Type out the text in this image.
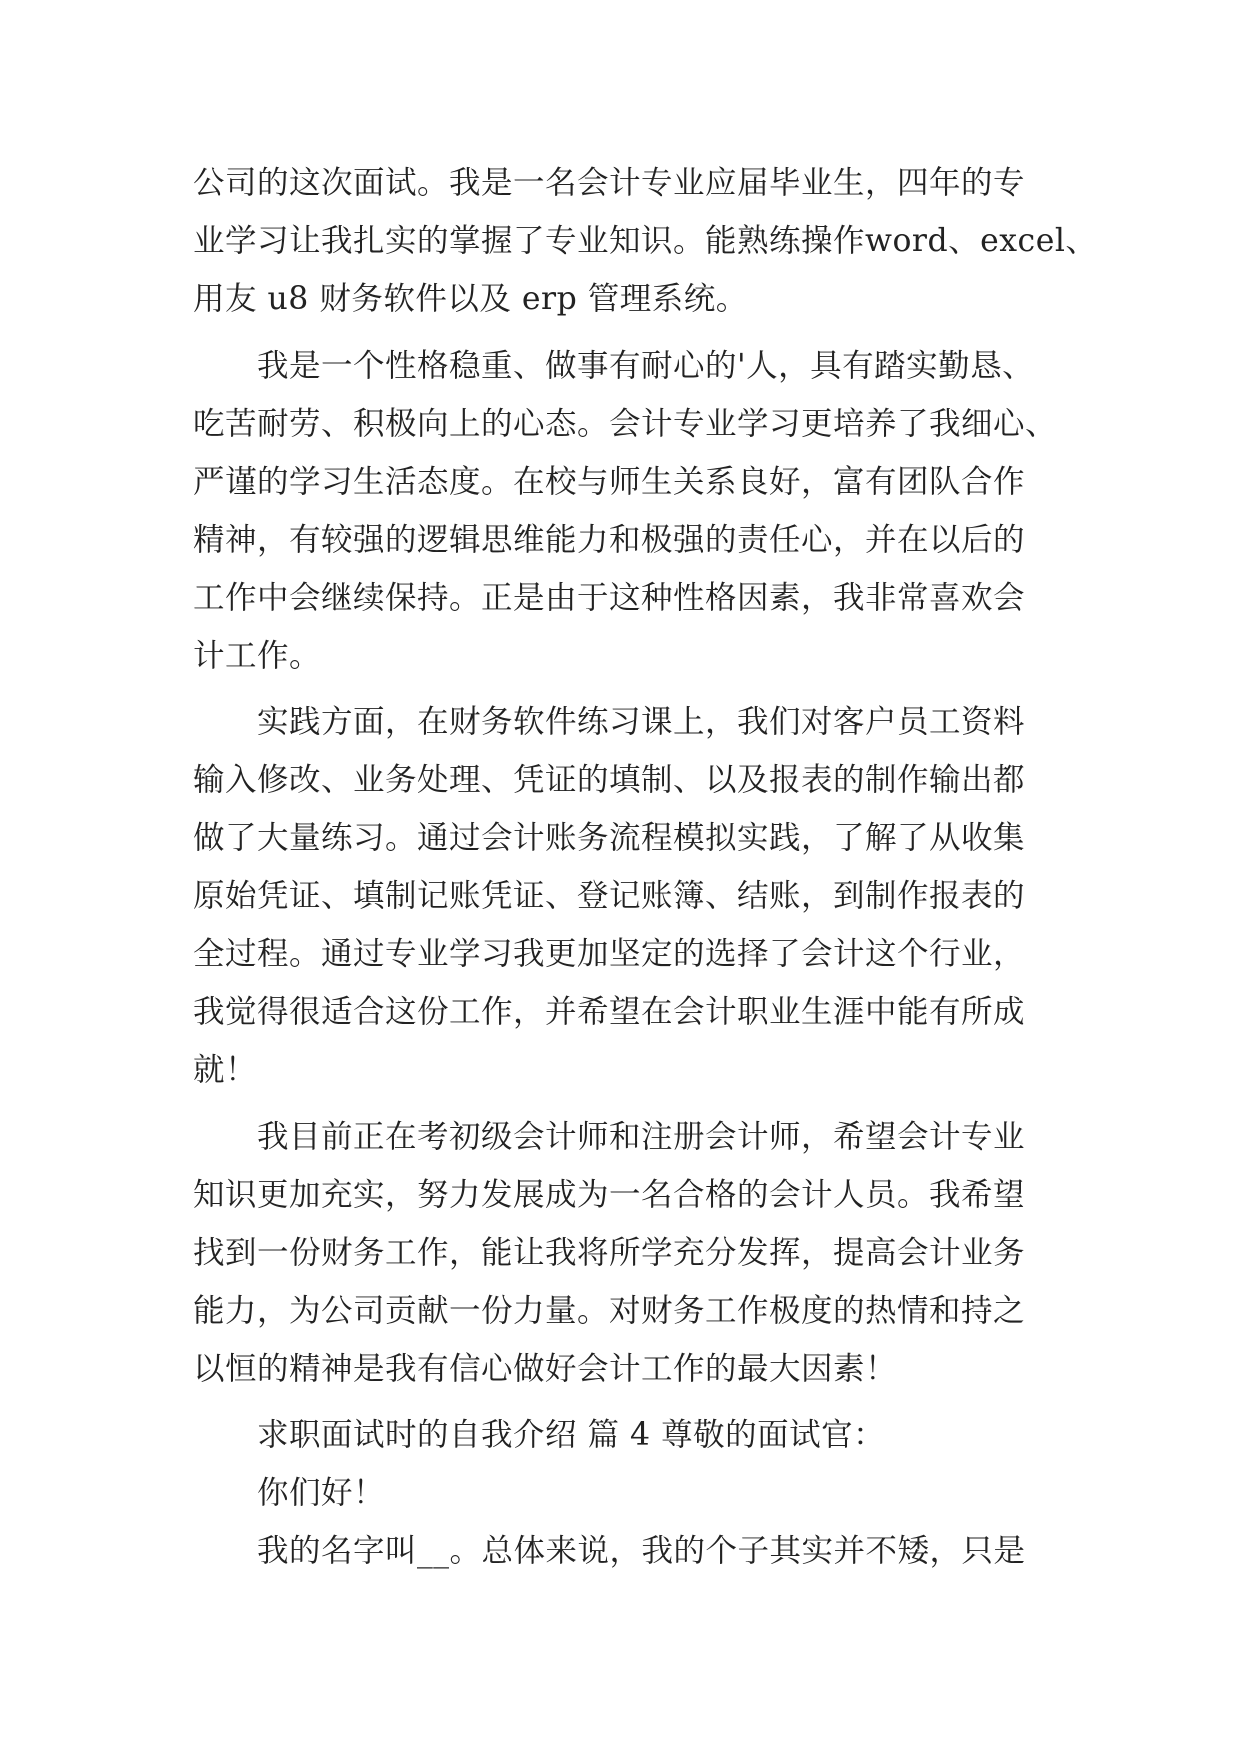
公司的这次面试。我是一名会计专业应届毕业生，四年的专
业学习让我扎实的掌握了专业知识。能熟练操作word、excel、
用友 u8 财务软件以及 erp 管理系统。
我是一个性格稳重、做事有耐心的'人，具有踏实勤恳、
吃苦耐劳、积极向上的心态。会计专业学习更培养了我细心、
严谨的学习生活态度。在校与师生关系良好，富有团队合作
精神，有较强的逻辑思维能力和极强的责任心，并在以后的
工作中会继续保持。正是由于这种性格因素，我非常喜欢会
计工作。
实践方面，在财务软件练习课上，我们对客户员工资料
输入修改、业务处理、凭证的填制、以及报表的制作输出都
做了大量练习。通过会计账务流程模拟实践，了解了从收集
原始凭证、填制记账凭证、登记账簿、结账，到制作报表的
全过程。通过专业学习我更加坚定的选择了会计这个行业，
我觉得很适合这份工作，并希望在会计职业生涯中能有所成
就！
我目前正在考初级会计师和注册会计师，希望会计专业
知识更加充实，努力发展成为一名合格的会计人员。我希望
找到一份财务工作，能让我将所学充分发挥，提高会计业务
能力，为公司贡献一份力量。对财务工作极度的热情和持之
以恒的精神是我有信心做好会计工作的最大因素！
求职面试时的自我介绍 篇 4 尊敬的面试官：
你们好！
我的名字叫__。总体来说，我的个子其实并不矮，只是
